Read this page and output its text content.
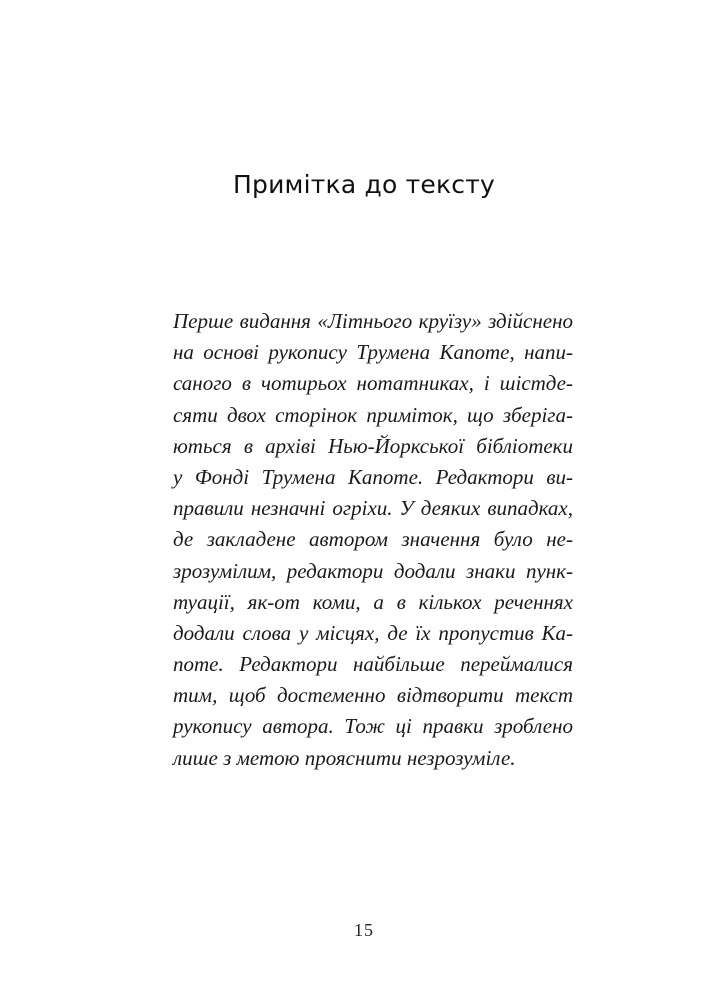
Примітка до тексту
Перше видання «Літнього круїзу» здійснено
на основі рукопису Трумена Капоте, напи-
саного в чотирьох нотатниках, і шістде-
сяти двох сторінок приміток, що зберіга-
ються в архіві Нью-Йоркської бібліотеки
у Фонді Трумена Капоте. Редактори ви-
правили незначні огріхи. У деяких випадках,
де закладене автором значення було не-
зрозумілим, редактори додали знаки пунк-
туації, як-от коми, а в кількох реченнях
додали слова у місцях, де їх пропустив Ка-
поте. Редактори найбільше переймалися
тим, щоб достеменно відтворити текст
рукопису автора. Тож ці правки зроблено
лише з метою прояснити незрозуміле.
15
